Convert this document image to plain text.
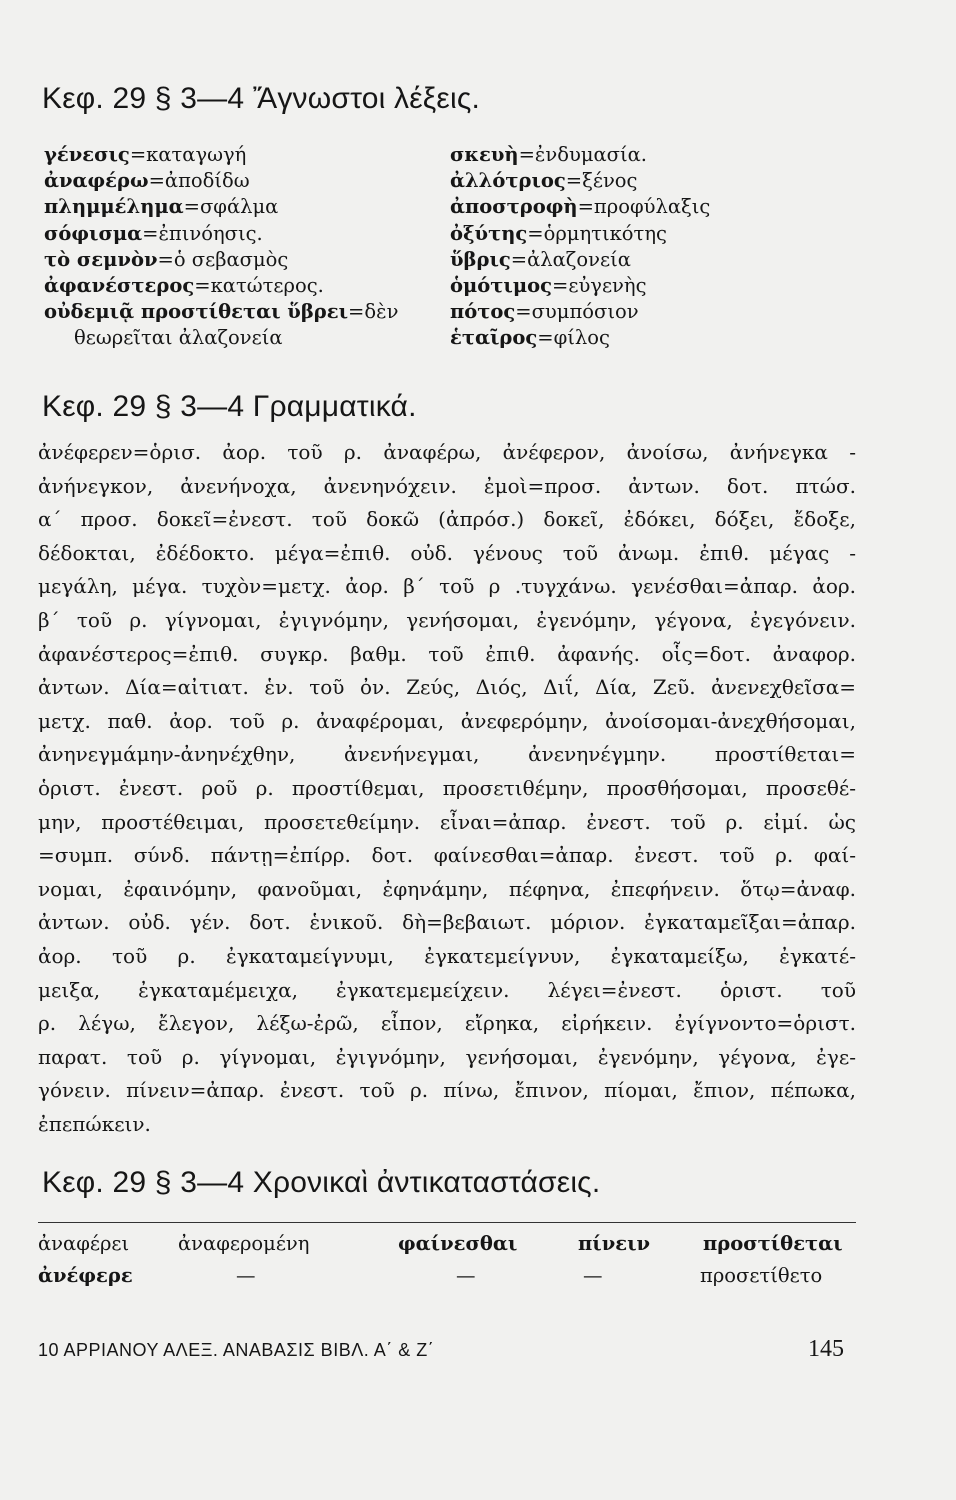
Κεφ. 29 § 3—4 Ἄγνωστοι λέξεις.
γένεσις=καταγωγή
ἀναφέρω=ἀποδίδω
πλημμέλημα=σφάλμα
σόφισμα=ἐπινόησις.
τὸ σεμνὸν=ὁ σεβασμὸς
ἀφανέστερος=κατώτερος.
οὐδεμιᾷ προστίθεται ὕβρει=δὲν
θεωρεῖται ἀλαζονεία
σκευὴ=ἐνδυμασία.
ἀλλότριος=ξένος
ἀποστροφὴ=προφύλαξις
ὀξύτης=ὁρμητικότης
ὕβρις=ἀλαζονεία
ὁμότιμος=εὐγενὴς
πότος=συμπόσιον
ἑταῖρος=φίλος
Κεφ. 29 § 3—4 Γραμματικά.
ἀνέφερεν=ὁρισ. ἀορ. τοῦ ρ. ἀναφέρω, ἀνέφερον, ἀνοίσω, ἀνήνεγκα -
ἀνήνεγκον, ἀνενήνοχα, ἀνενηνόχειν. ἐμοὶ=προσ. ἀντων. δοτ. πτώσ.
α΄ προσ. δοκεῖ=ἐνεστ. τοῦ δοκῶ (ἀπρόσ.) δοκεῖ, ἐδόκει, δόξει, ἔδοξε,
δέδοκται, ἐδέδοκτο. μέγα=ἐπιθ. οὐδ. γένους τοῦ ἀνωμ. ἐπιθ. μέγας -
μεγάλη, μέγα. τυχὸν=μετχ. ἀορ. β΄ τοῦ ρ .τυγχάνω. γενέσθαι=ἀπαρ. ἀορ.
β΄ τοῦ ρ. γίγνομαι, ἐγιγνόμην, γενήσομαι, ἐγενόμην, γέγονα, ἐγεγόνειν.
ἀφανέστερος=ἐπιθ. συγκρ. βαθμ. τοῦ ἐπιθ. ἀφανής. οἷς=δοτ. ἀναφορ.
ἀντων. Δία=αἰτιατ. ἑν. τοῦ ὀν. Ζεύς, Διός, Διΐ, Δία, Ζεῦ. ἀνενεχθεῖσα=
μετχ. παθ. ἀορ. τοῦ ρ. ἀναφέρομαι, ἀνεφερόμην, ἀνοίσομαι-ἀνεχθήσομαι,
ἀνηνεγμάμην-ἀνηνέχθην, ἀνενήνεγμαι, ἀνενηνέγμην. προστίθεται=
ὁριστ. ἐνεστ. ροῦ ρ. προστίθεμαι, προσετιθέμην, προσθήσομαι, προσεθέ-
μην, προστέθειμαι, προσετεθείμην. εἶναι=ἀπαρ. ἐνεστ. τοῦ ρ. εἰμί. ὡς
=συμπ. σύνδ. πάντῃ=ἐπίρρ. δοτ. φαίνεσθαι=ἀπαρ. ἐνεστ. τοῦ ρ. φαί-
νομαι, ἐφαινόμην, φανοῦμαι, ἐφηνάμην, πέφηνα, ἐπεφήνειν. ὅτῳ=ἀναφ.
ἀντων. οὐδ. γέν. δοτ. ἑνικοῦ. δὴ=βεβαιωτ. μόριον. ἐγκαταμεῖξαι=ἀπαρ.
ἀορ. τοῦ ρ. ἐγκαταμείγνυμι, ἐγκατεμείγνυν, ἐγκαταμείξω, ἐγκατέ-
μειξα, ἐγκαταμέμειχα, ἐγκατεμεμείχειν. λέγει=ἐνεστ. ὁριστ. τοῦ
ρ. λέγω, ἔλεγον, λέξω-ἐρῶ, εἶπον, εἴρηκα, εἰρήκειν. ἐγίγνοντο=ὁριστ.
παρατ. τοῦ ρ. γίγνομαι, ἐγιγνόμην, γενήσομαι, ἐγενόμην, γέγονα, ἐγε-
γόνειν. πίνειν=ἀπαρ. ἐνεστ. τοῦ ρ. πίνω, ἔπινον, πίομαι, ἔπιον, πέπωκα,
ἐπεπώκειν.
Κεφ. 29 § 3—4 Χρονικαὶ ἀντικαταστάσεις.
ἀναφέρει	ἀναφερομένη	φαίνεσθαι	πίνειν	προστίθεται
ἀνέφερε	—	—	—	προσετίθετο
10 ΑΡΡΙΑΝΟΥ ΑΛΕΞ. ΑΝΑΒΑΣΙΣ ΒΙΒΛ. Α΄ & Ζ΄	145
